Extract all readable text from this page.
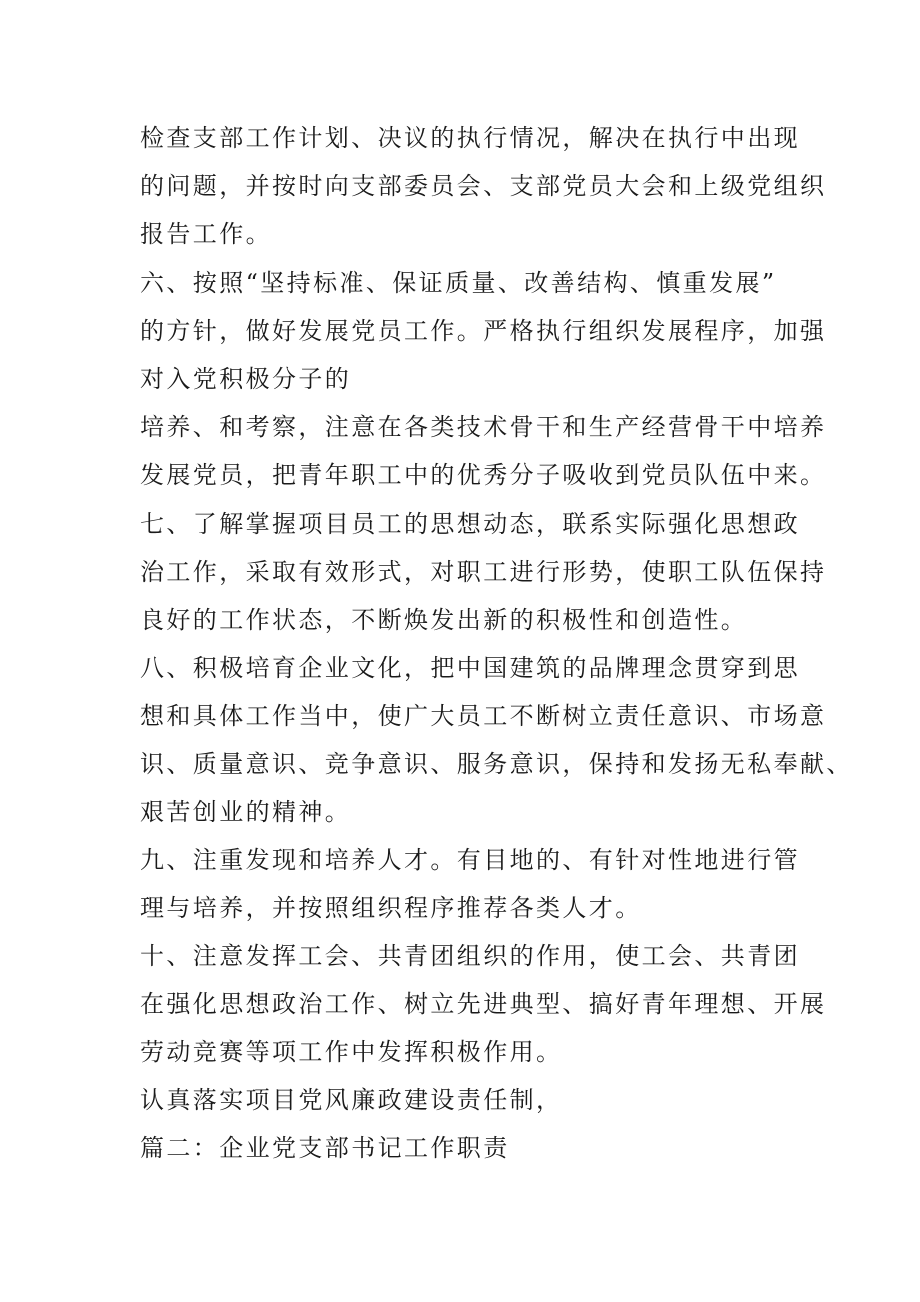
检查支部工作计划、决议的执行情况，解决在执行中出现

的问题，并按时向支部委员会、支部党员大会和上级党组织

报告工作。

六、按照“坚持标准、保证质量、改善结构、慎重发展”

的方针，做好发展党员工作。严格执行组织发展程序，加强

对入党积极分子的

培养、和考察，注意在各类技术骨干和生产经营骨干中培养

发展党员，把青年职工中的优秀分子吸收到党员队伍中来。

七、了解掌握项目员工的思想动态，联系实际强化思想政

治工作，采取有效形式，对职工进行形势，使职工队伍保持

良好的工作状态，不断焕发出新的积极性和创造性。

八、积极培育企业文化，把中国建筑的品牌理念贯穿到思

想和具体工作当中，使广大员工不断树立责任意识、市场意

识、质量意识、竞争意识、服务意识，保持和发扬无私奉献、

艰苦创业的精神。

九、注重发现和培养人才。有目地的、有针对性地进行管

理与培养，并按照组织程序推荐各类人才。

十、注意发挥工会、共青团组织的作用，使工会、共青团

在强化思想政治工作、树立先进典型、搞好青年理想、开展

劳动竞赛等项工作中发挥积极作用。

认真落实项目党风廉政建设责任制，

篇二：企业党支部书记工作职责
